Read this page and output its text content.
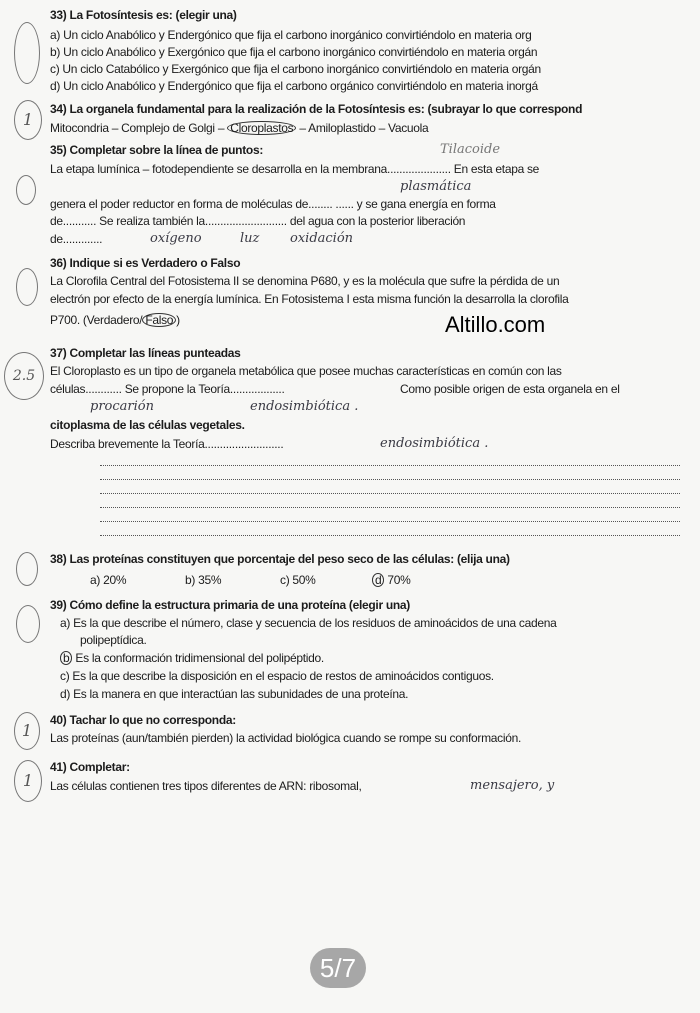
33) La Fotosíntesis es: (elegir una)
a) Un ciclo Anabólico y Endergónico que fija el carbono inorgánico convirtiéndolo en materia org
b) Un ciclo Anabólico y Exergónico que fija el carbono inorgánico convirtiéndolo en materia orgán
c) Un ciclo Catabólico y Exergónico que fija el carbono inorgánico convirtiéndolo en materia orgán
d) Un ciclo Anabólico y Endergónico que fija el carbono orgánico convirtiéndolo en materia inorgá
1
34) La organela fundamental para la realización de la Fotosíntesis es: (subrayar lo que correspond
Mitocondria – Complejo de Golgi – Cloroplastos – Amiloplastido – Vacuola
35) Completar sobre la línea de puntos:	Tilacoide
La etapa lumínica – fotodependiente se desarrolla en la membrana..................... En esta etapa se
plasmática
genera el poder reductor en forma de moléculas de........ ...... y se gana energía en forma
de........... Se realiza también la........................... del agua con la posterior liberación
de.............	oxígeno	luz oxidación
36) Indique si es Verdadero o Falso
La Clorofila Central del Fotosistema II se denomina P680, y es la molécula que sufre la pérdida de un
electrón por efecto de la energía lumínica. En Fotosistema I esta misma función la desarrolla la clorofila
P700. (Verdadero/ Falso )	Altillo.com
2.5
37) Completar las líneas punteadas
El Cloroplasto es un tipo de organela metabólica que posee muchas características en común con las
células............ Se propone la Teoría..................	Como posible origen de esta organela en el
procarión	endosimbiótica .
citoplasma de las células vegetales.
Describa brevemente la Teoría..........................	endosimbiótica .
38) Las proteínas constituyen que porcentaje del peso seco de las células: (elija una)
a) 20%	b) 35%	c) 50%	d 70%
39) Cómo define la estructura primaria de una proteína (elegir una)
a) Es la que describe el número, clase y secuencia de los residuos de aminoácidos de una cadena
polipeptídica.
b Es la conformación tridimensional del polipéptido.
c) Es la que describe la disposición en el espacio de restos de aminoácidos contiguos.
d) Es la manera en que interactúan las subunidades de una proteína.
1
40) Tachar lo que no corresponda:
Las proteínas (aun/también pierden) la actividad biológica cuando se rompe su conformación.
1
41) Completar:
Las células contienen tres tipos diferentes de ARN: ribosomal,	mensajero, y
5/7
